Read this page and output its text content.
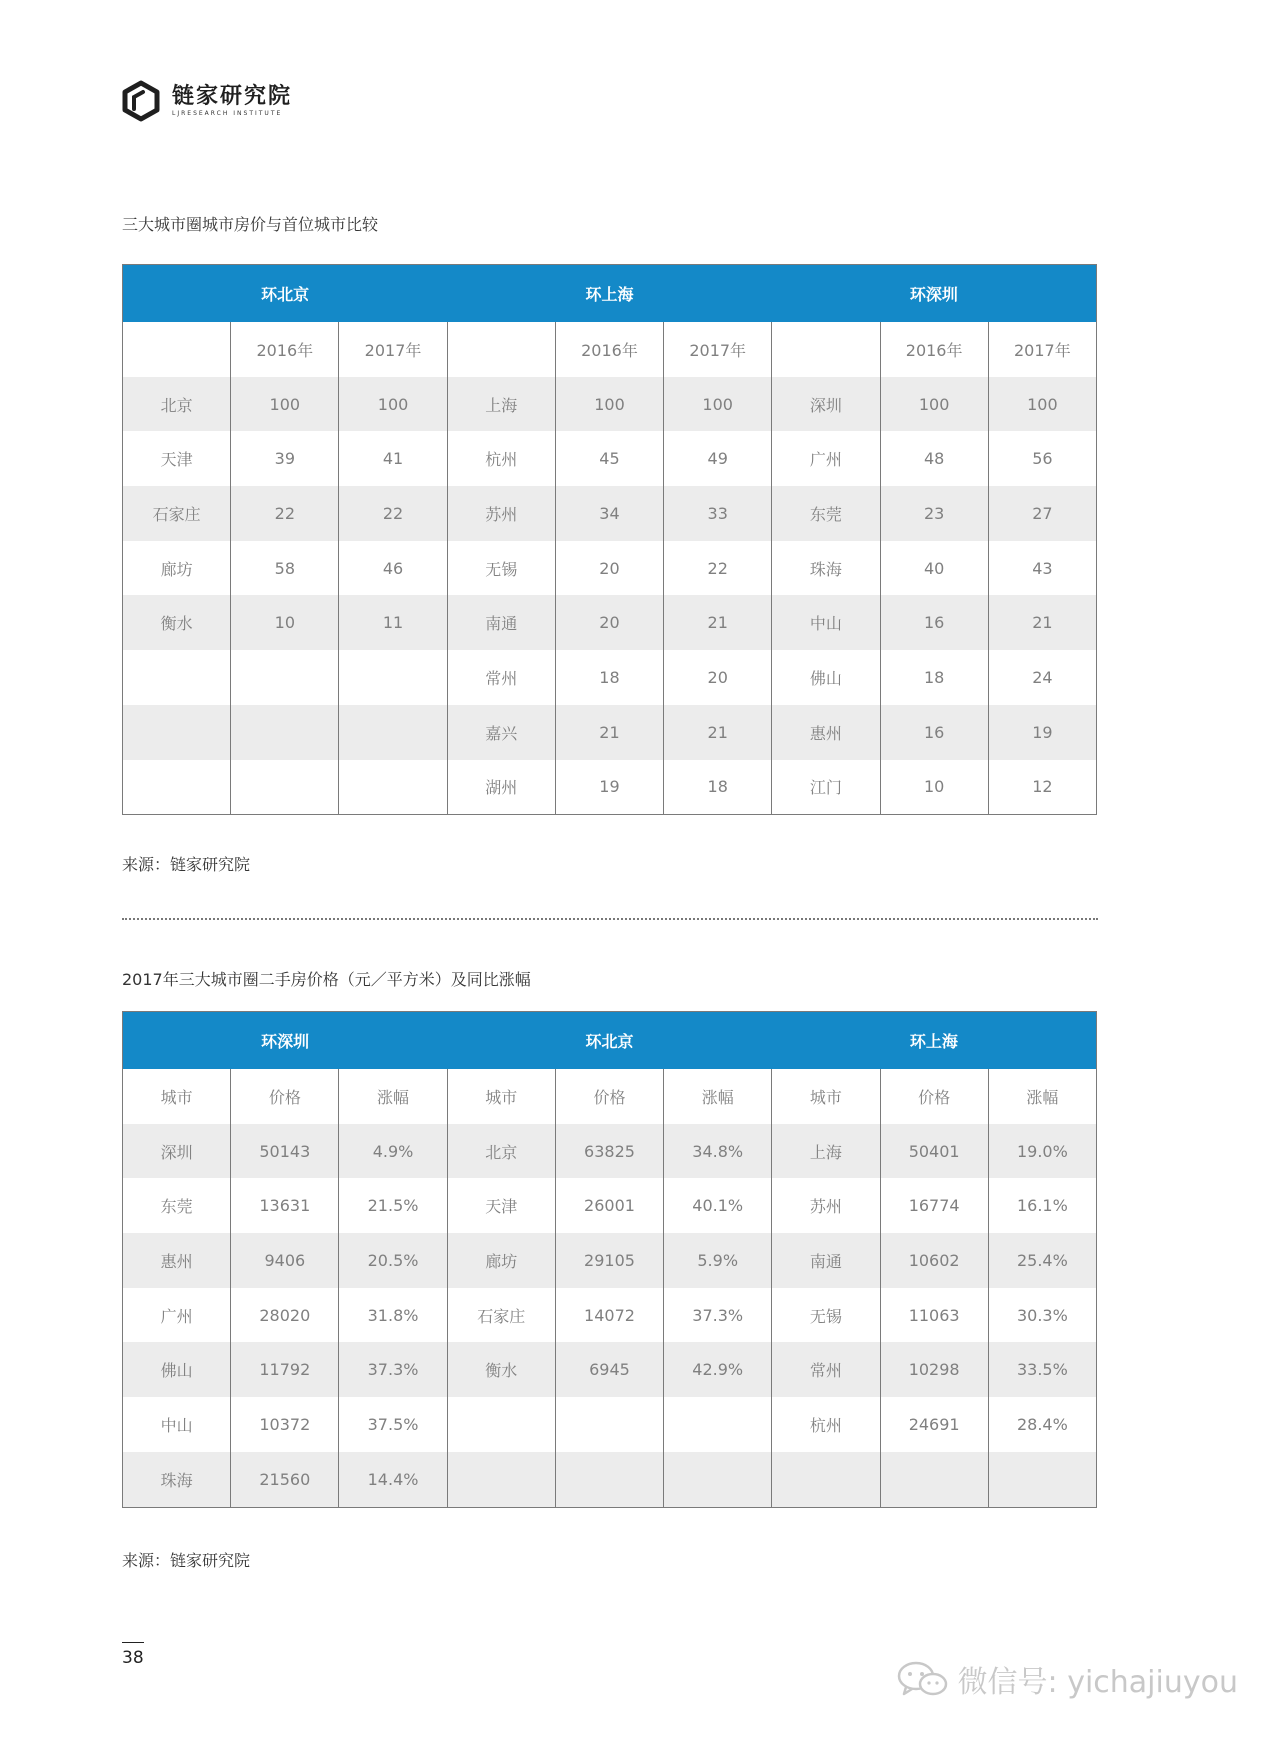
链家研究院
LJRESEARCH INSTITUTE
三大城市圈城市房价与首位城市比较
环北京			环上海			环深圳		
	2016年	2017年		2016年	2017年		2016年	2017年
北京	100	100	上海	100	100	深圳	100	100
天津	39	41	杭州	45	49	广州	48	56
石家庄	22	22	苏州	34	33	东莞	23	27
廊坊	58	46	无锡	20	22	珠海	40	43
衡水	10	11	南通	20	21	中山	16	21
			常州	18	20	佛山	18	24
			嘉兴	21	21	惠州	16	19
			湖州	19	18	江门	10	12
来源：链家研究院
2017年三大城市圈二手房价格（元／平方米）及同比涨幅
环深圳			环北京			环上海		
城市	价格	涨幅	城市	价格	涨幅	城市	价格	涨幅
深圳	50143	4.9%	北京	63825	34.8%	上海	50401	19.0%
东莞	13631	21.5%	天津	26001	40.1%	苏州	16774	16.1%
惠州	9406	20.5%	廊坊	29105	5.9%	南通	10602	25.4%
广州	28020	31.8%	石家庄	14072	37.3%	无锡	11063	30.3%
佛山	11792	37.3%	衡水	6945	42.9%	常州	10298	33.5%
中山	10372	37.5%				杭州	24691	28.4%
珠海	21560	14.4%						
来源：链家研究院
38
微信号: yichajiuyou
